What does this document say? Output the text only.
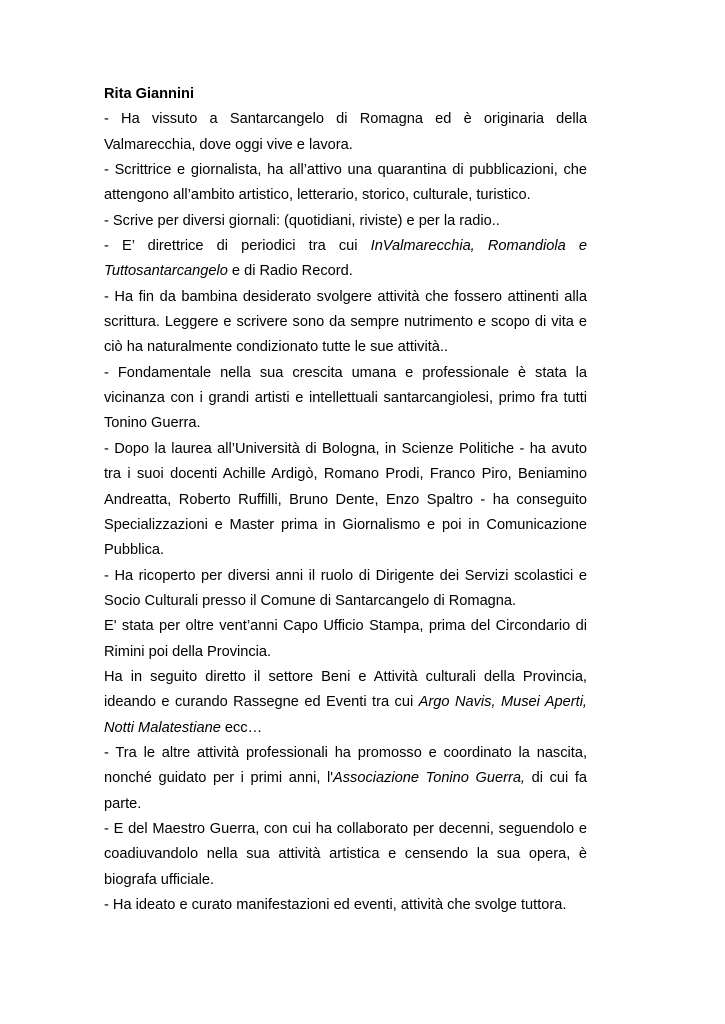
Rita Giannini

- Ha vissuto a Santarcangelo di Romagna ed è originaria della Valmarecchia, dove oggi vive e lavora.

- Scrittrice e giornalista, ha all’attivo una quarantina di pubblicazioni, che attengono all’ambito artistico, letterario, storico, culturale, turistico.

- Scrive per diversi giornali: (quotidiani, riviste) e per la radio..

- E’ direttrice di periodici tra cui InValmarecchia, Romandiola e Tuttosantarcangelo e di Radio Record.

- Ha fin da bambina desiderato svolgere attività che fossero attinenti alla scrittura. Leggere e scrivere sono da sempre nutrimento e scopo di vita e ciò ha naturalmente condizionato tutte le sue attività..

- Fondamentale nella sua crescita umana e professionale è stata la vicinanza con i grandi artisti e intellettuali santarcangiolesi, primo fra tutti Tonino Guerra.

- Dopo la laurea all’Università di Bologna, in Scienze Politiche - ha avuto tra i suoi docenti Achille Ardigò, Romano Prodi, Franco Piro, Beniamino Andreatta, Roberto Ruffilli, Bruno Dente, Enzo Spaltro - ha conseguito Specializzazioni e Master prima in Giornalismo e poi in Comunicazione Pubblica.

- Ha ricoperto per diversi anni il ruolo di Dirigente dei Servizi scolastici e Socio Culturali presso il Comune di Santarcangelo di Romagna.

E' stata per oltre vent’anni Capo Ufficio Stampa, prima del Circondario di Rimini poi della Provincia.

Ha in seguito diretto il settore Beni e Attività culturali della Provincia, ideando e curando Rassegne ed Eventi tra cui Argo Navis, Musei Aperti, Notti Malatestiane ecc…

- Tra le altre attività professionali ha promosso e coordinato la nascita, nonché guidato per i primi anni, l'Associazione Tonino Guerra, di cui fa parte.

- E del Maestro Guerra, con cui ha collaborato per decenni, seguendolo e coadiuvandolo nella sua attività artistica e censendo la sua opera, è biografa ufficiale.

- Ha ideato e curato manifestazioni ed eventi, attività che svolge tuttora.
